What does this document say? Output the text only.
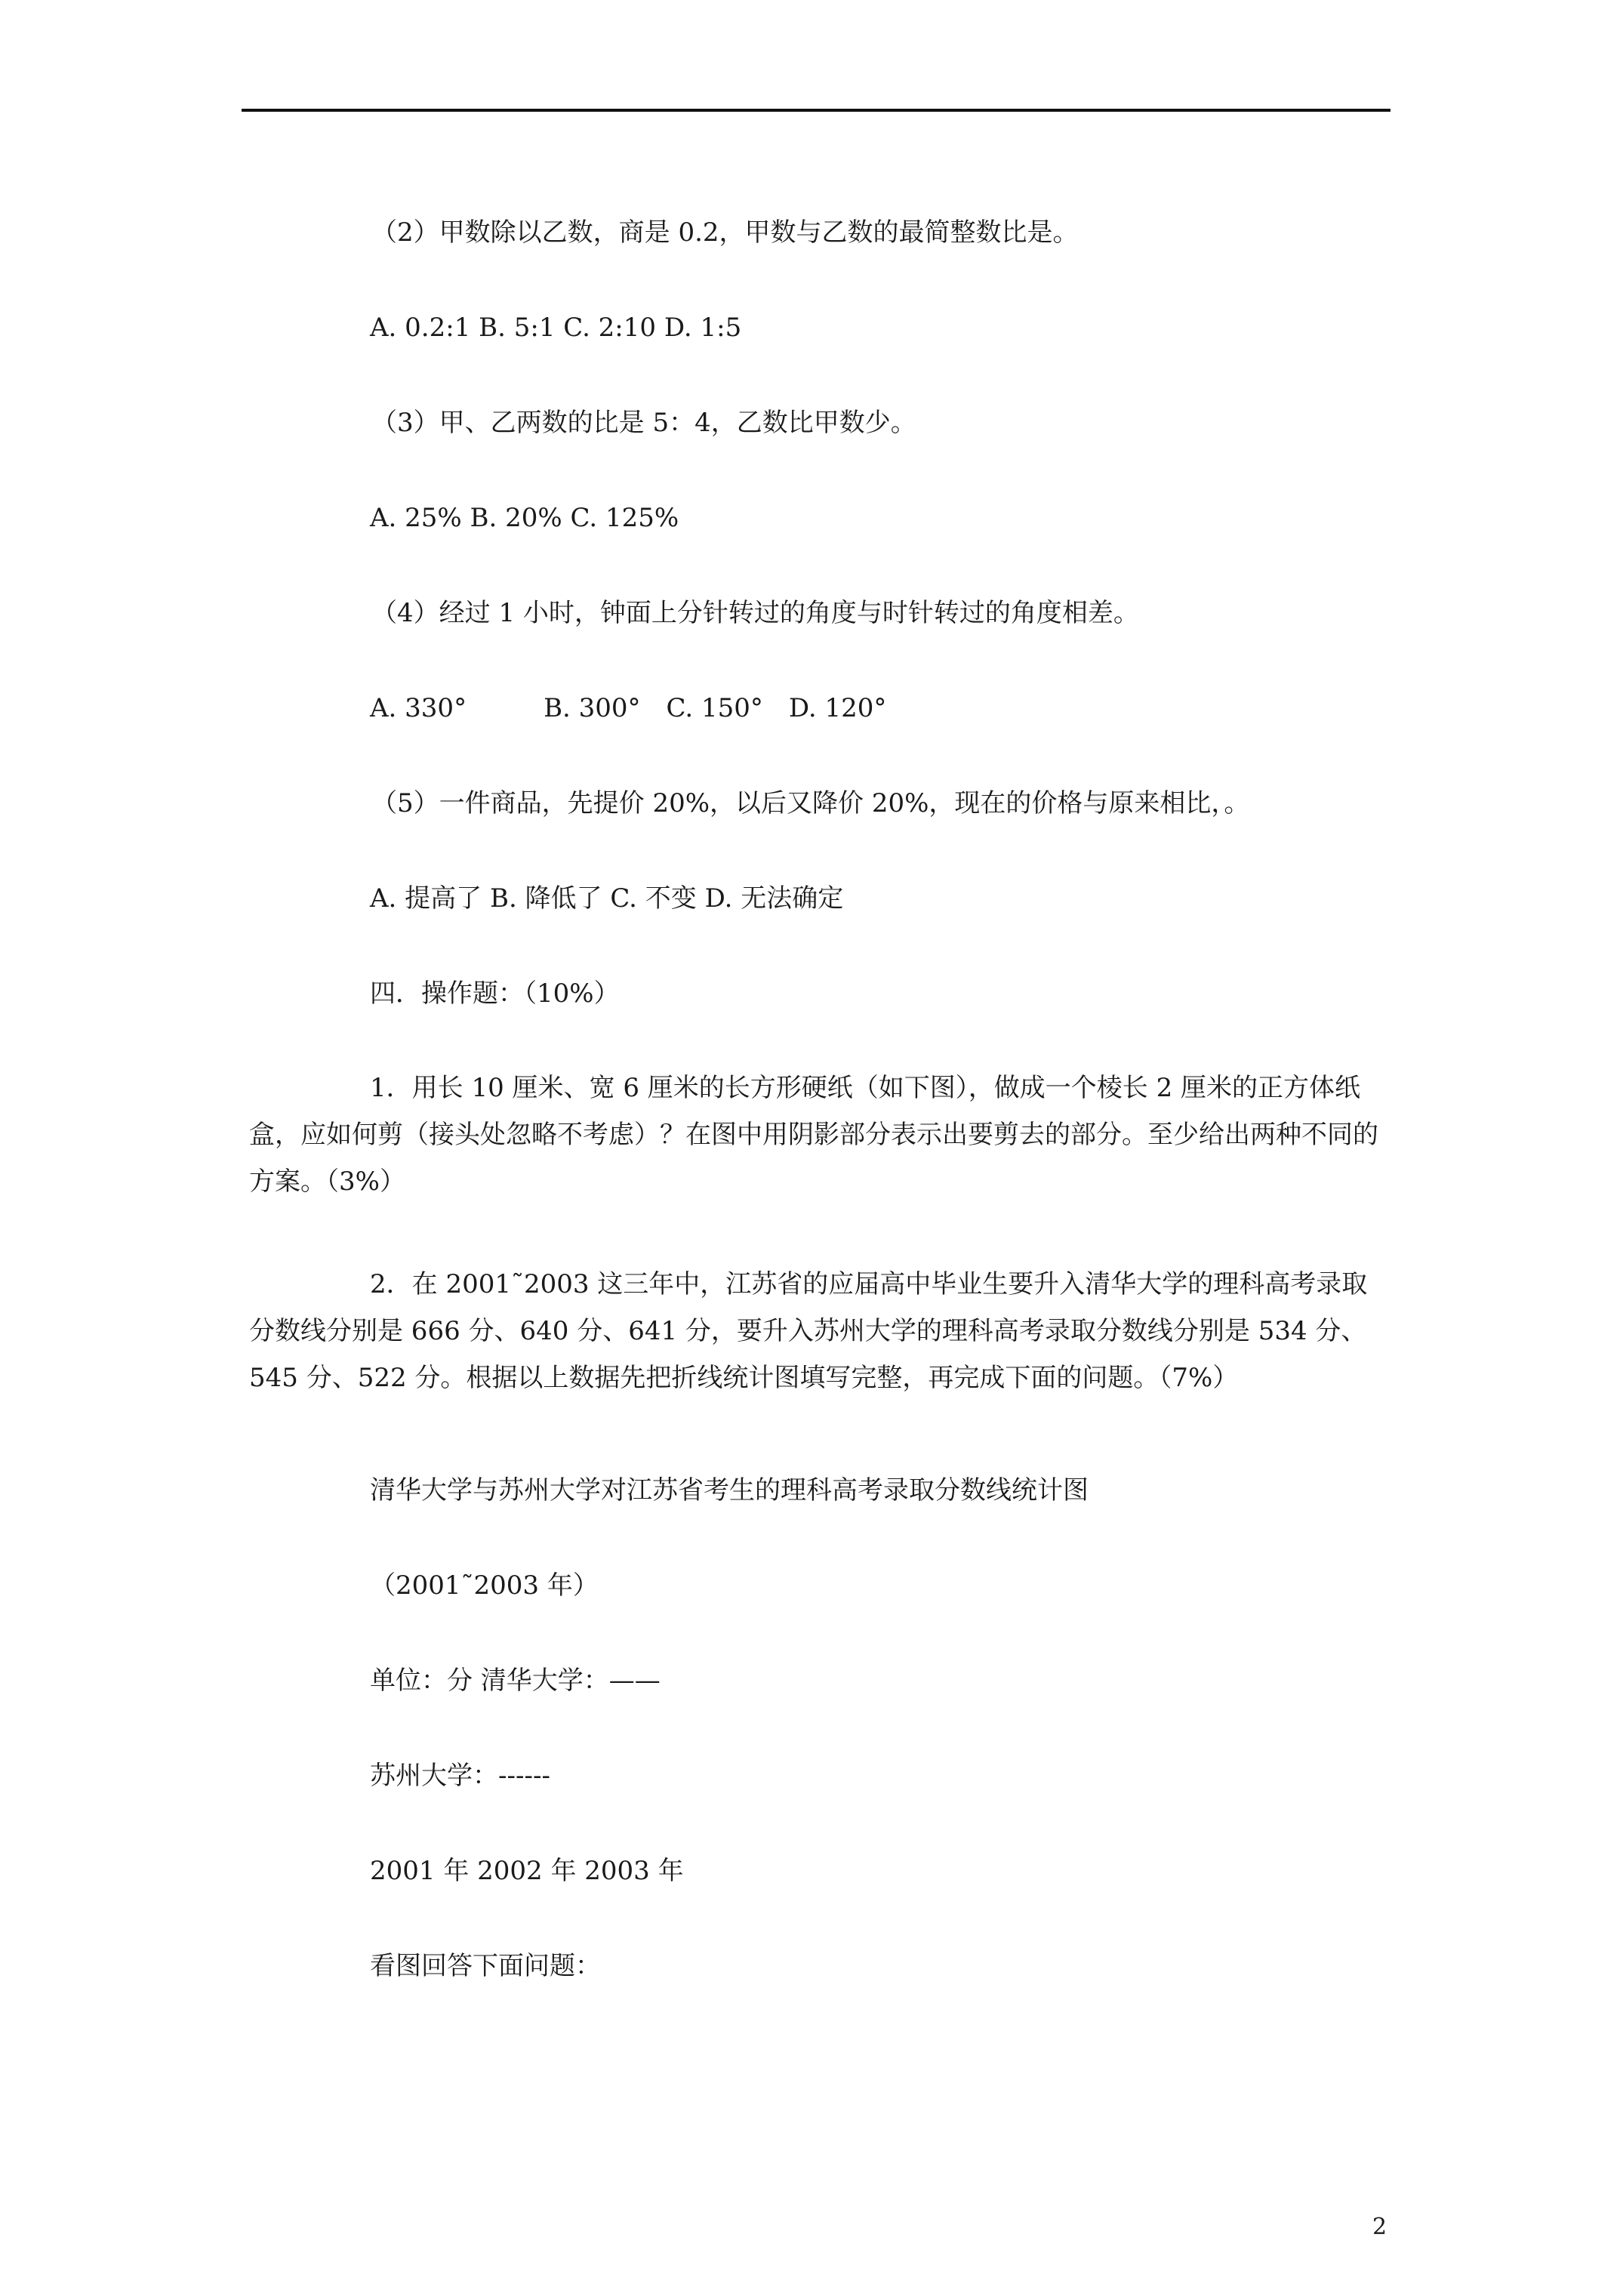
（2）甲数除以乙数，商是 0.2，甲数与乙数的最简整数比是。
A. 0.2:1 B. 5:1 C. 2:10 D. 1:5
（3）甲、乙两数的比是 5：4，乙数比甲数少。
A. 25% B. 20% C. 125%
（4）经过 1 小时，钟面上分针转过的角度与时针转过的角度相差。
A. 330°　　　B. 300°　C. 150°　D. 120°
（5）一件商品，先提价 20%，以后又降价 20%，现在的价格与原来相比，。
A. 提高了 B. 降低了 C. 不变 D. 无法确定
四．操作题：（10%）
1．用长 10 厘米、宽 6 厘米的长方形硬纸（如下图），做成一个棱长 2 厘米的正方体纸盒，应如何剪（接头处忽略不考虑）？在图中用阴影部分表示出要剪去的部分。至少给出两种不同的方案。（3%）
2．在 2001˜2003 这三年中，江苏省的应届高中毕业生要升入清华大学的理科高考录取分数线分别是 666 分、640 分、641 分，要升入苏州大学的理科高考录取分数线分别是 534 分、545 分、522 分。根据以上数据先把折线统计图填写完整，再完成下面的问题。（7%）
清华大学与苏州大学对江苏省考生的理科高考录取分数线统计图
（2001˜2003 年）
单位：分 清华大学：——
苏州大学：------
2001 年 2002 年 2003 年
看图回答下面问题：
2
